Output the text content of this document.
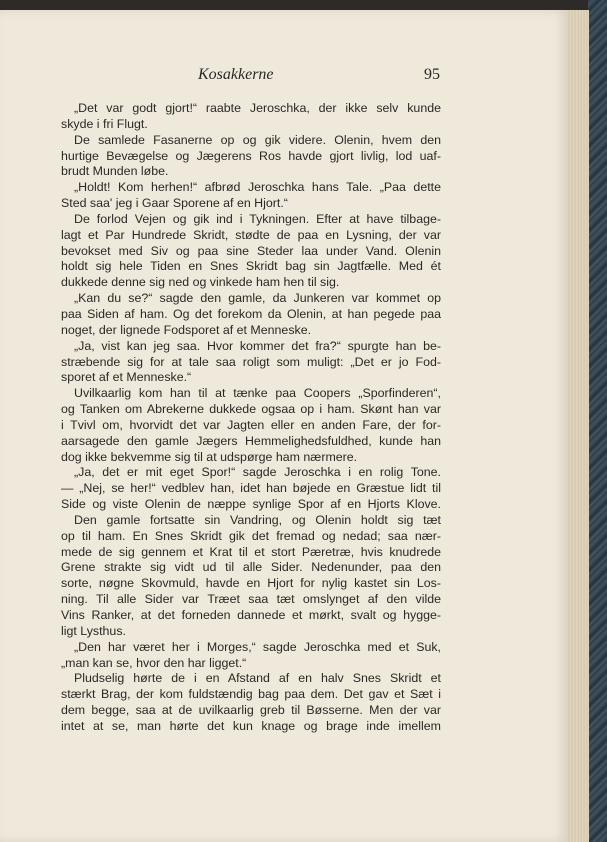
Kosakkerne	95
„Det var godt gjort!“ raabte Jeroschka, der ikke selv kunde
skyde i fri Flugt.
De samlede Fasanerne op og gik videre. Olenin, hvem den
hurtige Bevægelse og Jægerens Ros havde gjort livlig, lod uaf-
brudt Munden løbe.
„Holdt! Kom herhen!“ afbrød Jeroschka hans Tale. „Paa dette
Sted saa' jeg i Gaar Sporene af en Hjort.“
De forlod Vejen og gik ind i Tykningen. Efter at have tilbage-
lagt et Par Hundrede Skridt, stødte de paa en Lysning, der var
bevokset med Siv og paa sine Steder laa under Vand. Olenin
holdt sig hele Tiden en Snes Skridt bag sin Jagtfælle. Med ét
dukkede denne sig ned og vinkede ham hen til sig.
„Kan du se?“ sagde den gamle, da Junkeren var kommet op
paa Siden af ham. Og det forekom da Olenin, at han pegede paa
noget, der lignede Fodsporet af et Menneske.
„Ja, vist kan jeg saa. Hvor kommer det fra?“ spurgte han be-
stræbende sig for at tale saa roligt som muligt: „Det er jo Fod-
sporet af et Menneske.“
Uvilkaarlig kom han til at tænke paa Coopers „Sporfinderen“,
og Tanken om Abrekerne dukkede ogsaa op i ham. Skønt han var
i Tvivl om, hvorvidt det var Jagten eller en anden Fare, der for-
aarsagede den gamle Jægers Hemmelighedsfuldhed, kunde han
dog ikke bekvemme sig til at udspørge ham nærmere.
„Ja, det er mit eget Spor!“ sagde Jeroschka i en rolig Tone.
— „Nej, se her!“ vedblev han, idet han bøjede en Græstue lidt til
Side og viste Olenin de næppe synlige Spor af en Hjorts Klove.
Den gamle fortsatte sin Vandring, og Olenin holdt sig tæt
op til ham. En Snes Skridt gik det fremad og nedad; saa nær-
mede de sig gennem et Krat til et stort Pæretræ, hvis knudrede
Grene strakte sig vidt ud til alle Sider. Nedenunder, paa den
sorte, nøgne Skovmuld, havde en Hjort for nylig kastet sin Los-
ning. Til alle Sider var Træet saa tæt omslynget af den vilde
Vins Ranker, at det forneden dannede et mørkt, svalt og hygge-
ligt Lysthus.
„Den har været her i Morges,“ sagde Jeroschka med et Suk,
„man kan se, hvor den har ligget.“
Pludselig hørte de i en Afstand af en halv Snes Skridt et
stærkt Brag, der kom fuldstændig bag paa dem. Det gav et Sæt i
dem begge, saa at de uvilkaarlig greb til Bøsserne. Men der var
intet at se, man hørte det kun knage og brage inde imellem
